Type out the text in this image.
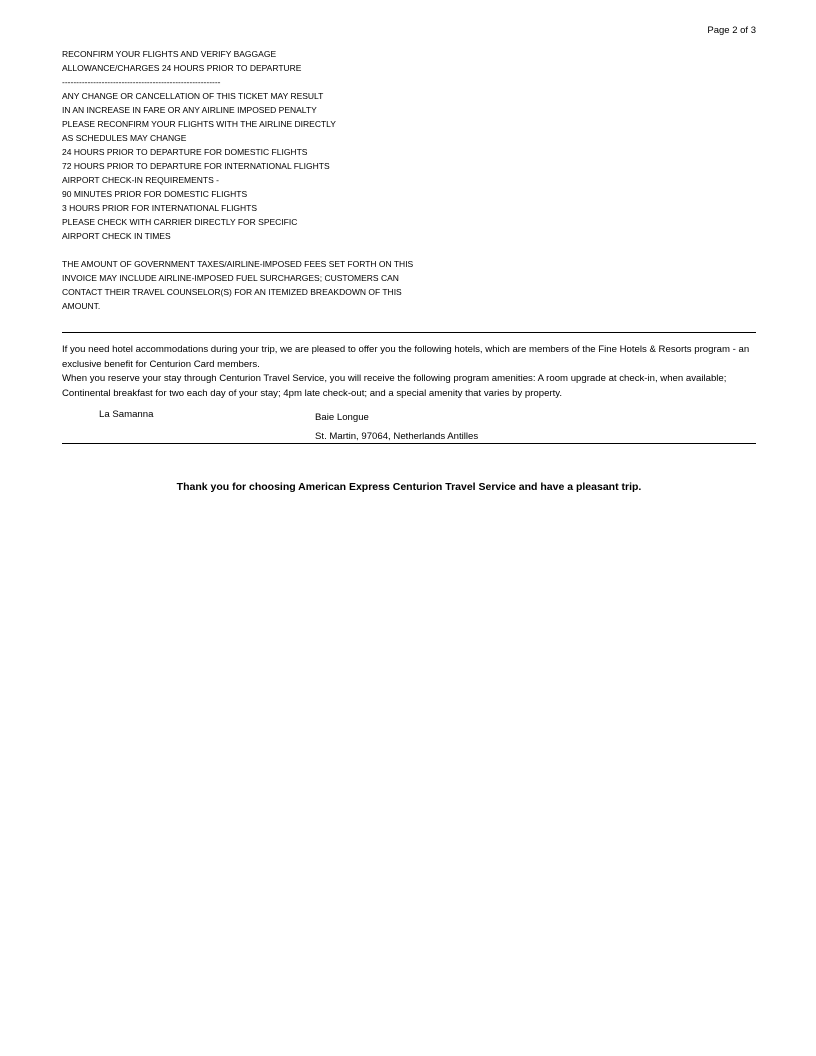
Page 2 of 3
RECONFIRM YOUR FLIGHTS AND VERIFY BAGGAGE
ALLOWANCE/CHARGES 24 HOURS PRIOR TO DEPARTURE
--------------------------------------------------------
ANY CHANGE OR CANCELLATION OF THIS TICKET MAY RESULT
IN AN INCREASE IN FARE OR ANY AIRLINE IMPOSED PENALTY
PLEASE RECONFIRM YOUR FLIGHTS WITH THE AIRLINE DIRECTLY
AS SCHEDULES MAY CHANGE
24 HOURS PRIOR TO DEPARTURE FOR DOMESTIC FLIGHTS
72 HOURS PRIOR TO DEPARTURE FOR INTERNATIONAL FLIGHTS
AIRPORT CHECK-IN REQUIREMENTS -
90 MINUTES PRIOR FOR DOMESTIC FLIGHTS
3 HOURS PRIOR FOR INTERNATIONAL FLIGHTS
PLEASE CHECK WITH CARRIER DIRECTLY FOR SPECIFIC
AIRPORT CHECK IN TIMES
THE AMOUNT OF GOVERNMENT TAXES/AIRLINE-IMPOSED FEES SET FORTH ON THIS
INVOICE MAY INCLUDE AIRLINE-IMPOSED FUEL SURCHARGES; CUSTOMERS CAN
CONTACT THEIR TRAVEL COUNSELOR(S) FOR AN ITEMIZED BREAKDOWN OF THIS
AMOUNT.
If you need hotel accommodations during your trip, we are pleased to offer you the following hotels, which are members of the Fine Hotels & Resorts program - an exclusive benefit for Centurion Card members.
When you reserve your stay through Centurion Travel Service, you will receive the following program amenities: A room upgrade at check-in, when available; Continental breakfast for two each day of your stay; 4pm late check-out; and a special amenity that varies by property.
La Samanna	Baie Longue
St. Martin, 97064, Netherlands Antilles
Thank you for choosing American Express Centurion Travel Service and have a pleasant trip.
